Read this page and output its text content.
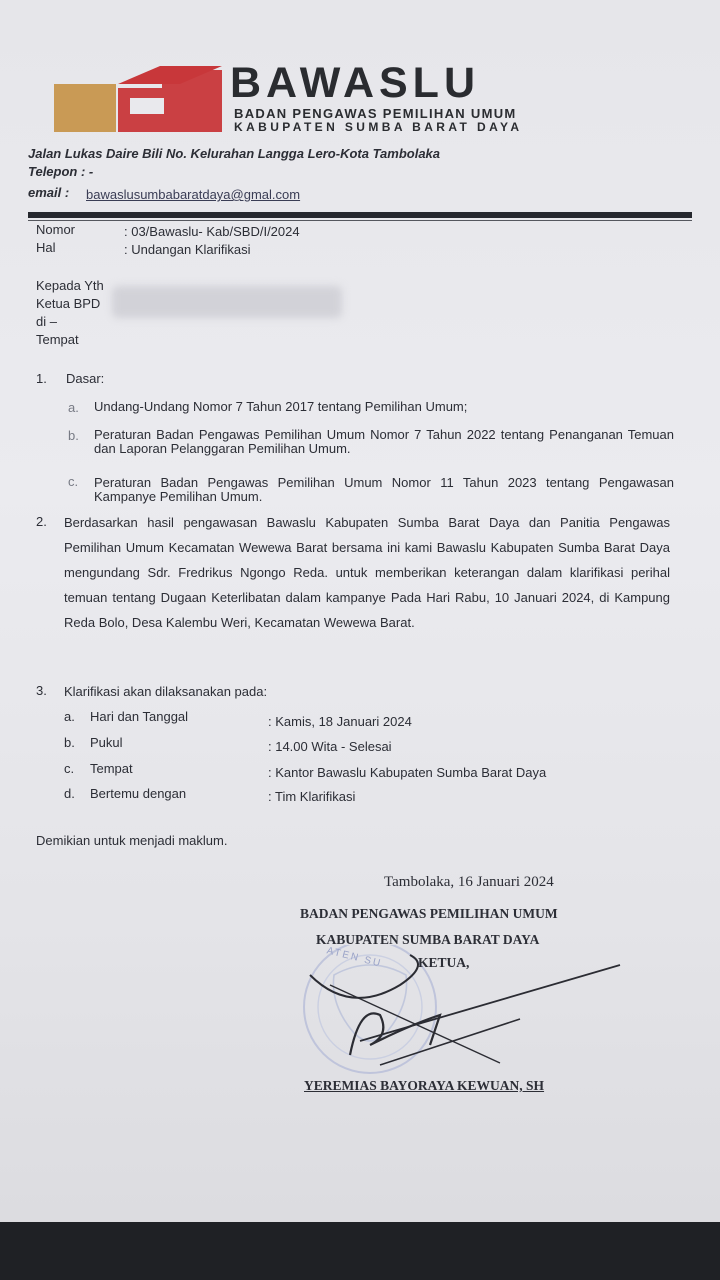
BAWASLU
BADAN PENGAWAS PEMILIHAN UMUM
KABUPATEN SUMBA BARAT DAYA
Jalan Lukas Daire Bili No. Kelurahan Langga Lero-Kota Tambolaka
Telepon : -
email : bawaslusumbabaratdaya@gmal.com
Nomor	: 03/Bawaslu- Kab/SBD/I/2024
Hal	: Undangan Klarifikasi
Kepada Yth
Ketua BPD
di –
Tempat
1. Dasar:
a. Undang-Undang Nomor 7 Tahun 2017 tentang Pemilihan Umum;
b. Peraturan Badan Pengawas Pemilihan Umum Nomor 7 Tahun 2022 tentang Penanganan Temuan dan Laporan Pelanggaran Pemilihan Umum.
c. Peraturan Badan Pengawas Pemilihan Umum Nomor 11 Tahun 2023 tentang Pengawasan Kampanye Pemilihan Umum.
2. Berdasarkan hasil pengawasan Bawaslu Kabupaten Sumba Barat Daya dan Panitia Pengawas Pemilihan Umum Kecamatan Wewewa Barat bersama ini kami Bawaslu Kabupaten Sumba Barat Daya mengundang Sdr. Fredrikus Ngongo Reda. untuk memberikan keterangan dalam klarifikasi perihal temuan tentang Dugaan Keterlibatan dalam kampanye Pada Hari Rabu, 10 Januari 2024, di Kampung Reda Bolo, Desa Kalembu Weri, Kecamatan Wewewa Barat.
3. Klarifikasi akan dilaksanakan pada:
a. Hari dan Tanggal	: Kamis, 18 Januari 2024
b. Pukul	: 14.00 Wita - Selesai
c. Tempat	: Kantor Bawaslu Kabupaten Sumba Barat Daya
d. Bertemu dengan	: Tim Klarifikasi
Demikian untuk menjadi maklum.
Tambolaka, 16 Januari 2024
BADAN PENGAWAS PEMILIHAN UMUM
KABUPATEN SUMBA BARAT DAYA
ATEN SU	KETUA,
YEREMIAS BAYORAYA KEWUAN, SH
